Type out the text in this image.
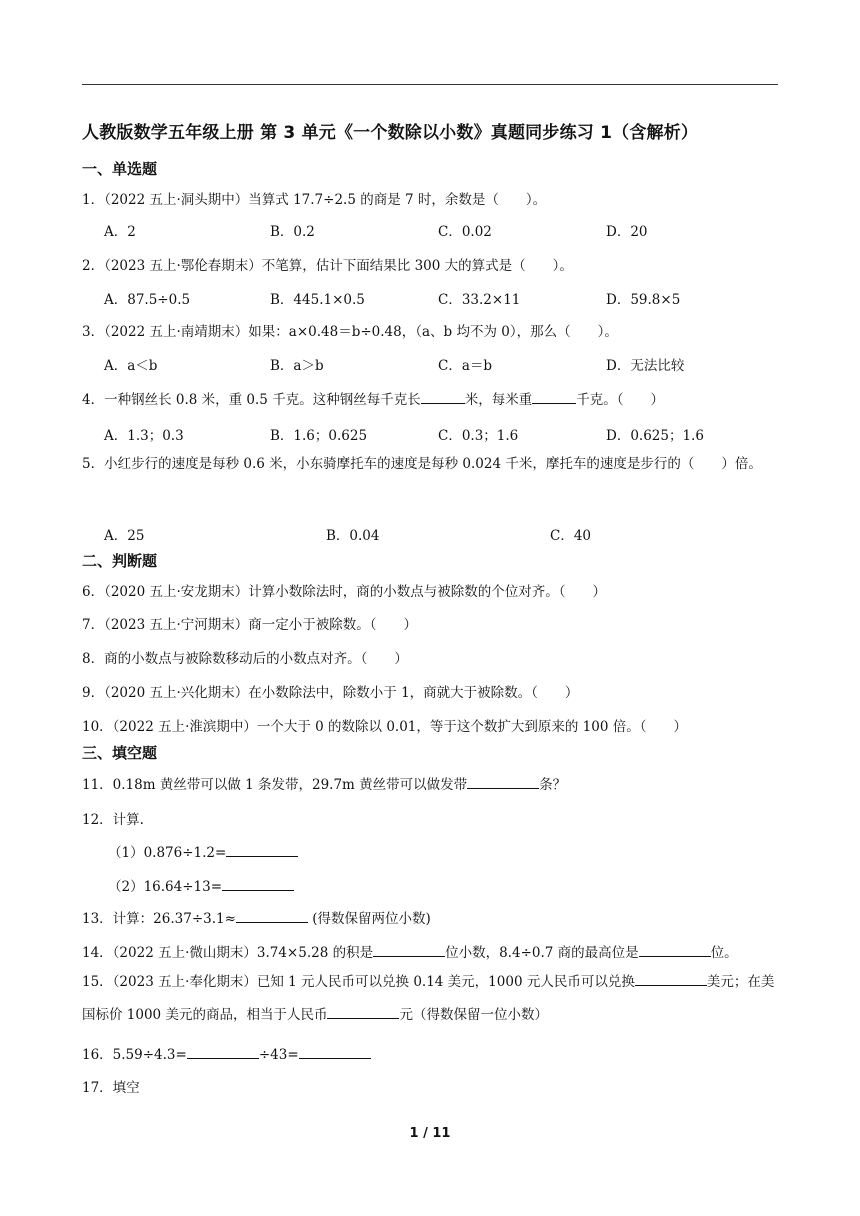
人教版数学五年级上册 第 3 单元《一个数除以小数》真题同步练习 1（含解析）
一、单选题
1．（2022 五上·洞头期中）当算式 17.7÷2.5 的商是 7 时，余数是（　　）。
A．2	B．0.2	C．0.02	D．20
2．（2023 五上·鄂伦春期末）不笔算，估计下面结果比 300 大的算式是（　　）。
A．87.5÷0.5	B．445.1×0.5	C．33.2×11	D．59.8×5
3．（2022 五上·南靖期末）如果：a×0.48＝b÷0.48，（a、b 均不为 0），那么（　　）。
A．a＜b	B．a＞b	C．a＝b	D．无法比较
4．一种钢丝长 0.8 米，重 0.5 千克。这种钢丝每千克长	米，每米重	千克。（　　）
A．1.3；0.3	B．1.6；0.625	C．0.3；1.6	D．0.625；1.6
5．小红步行的速度是每秒 0.6 米，小东骑摩托车的速度是每秒 0.024 千米，摩托车的速度是步行的（　　）倍。
A．25	B．0.04	C．40
二、判断题
6．（2020 五上·安龙期末）计算小数除法时，商的小数点与被除数的个位对齐。（　　）
7．（2023 五上·宁河期末）商一定小于被除数。（　　）
8．商的小数点与被除数移动后的小数点对齐。（　　）
9．（2020 五上·兴化期末）在小数除法中，除数小于 1，商就大于被除数。（　　）
10．（2022 五上·淮滨期中）一个大于 0 的数除以 0.01，等于这个数扩大到原来的 100 倍。（　　）
三、填空题
11．0.18m 黄丝带可以做 1 条发带，29.7m 黄丝带可以做发带	条？
12．计算.
（1）0.876÷1.2=
（2）16.64÷13=
13．计算：26.37÷3.1≈	(得数保留两位小数)
14．（2022 五上·微山期末）3.74×5.28 的积是	位小数，8.4÷0.7 商的最高位是	位。
15．（2023 五上·奉化期末）已知 1 元人民币可以兑换 0.14 美元，1000 元人民币可以兑换	美元；在美国标价 1000 美元的商品，相当于人民币	元（得数保留一位小数）
16．5.59÷4.3=	÷43=
17．填空
1 / 11
